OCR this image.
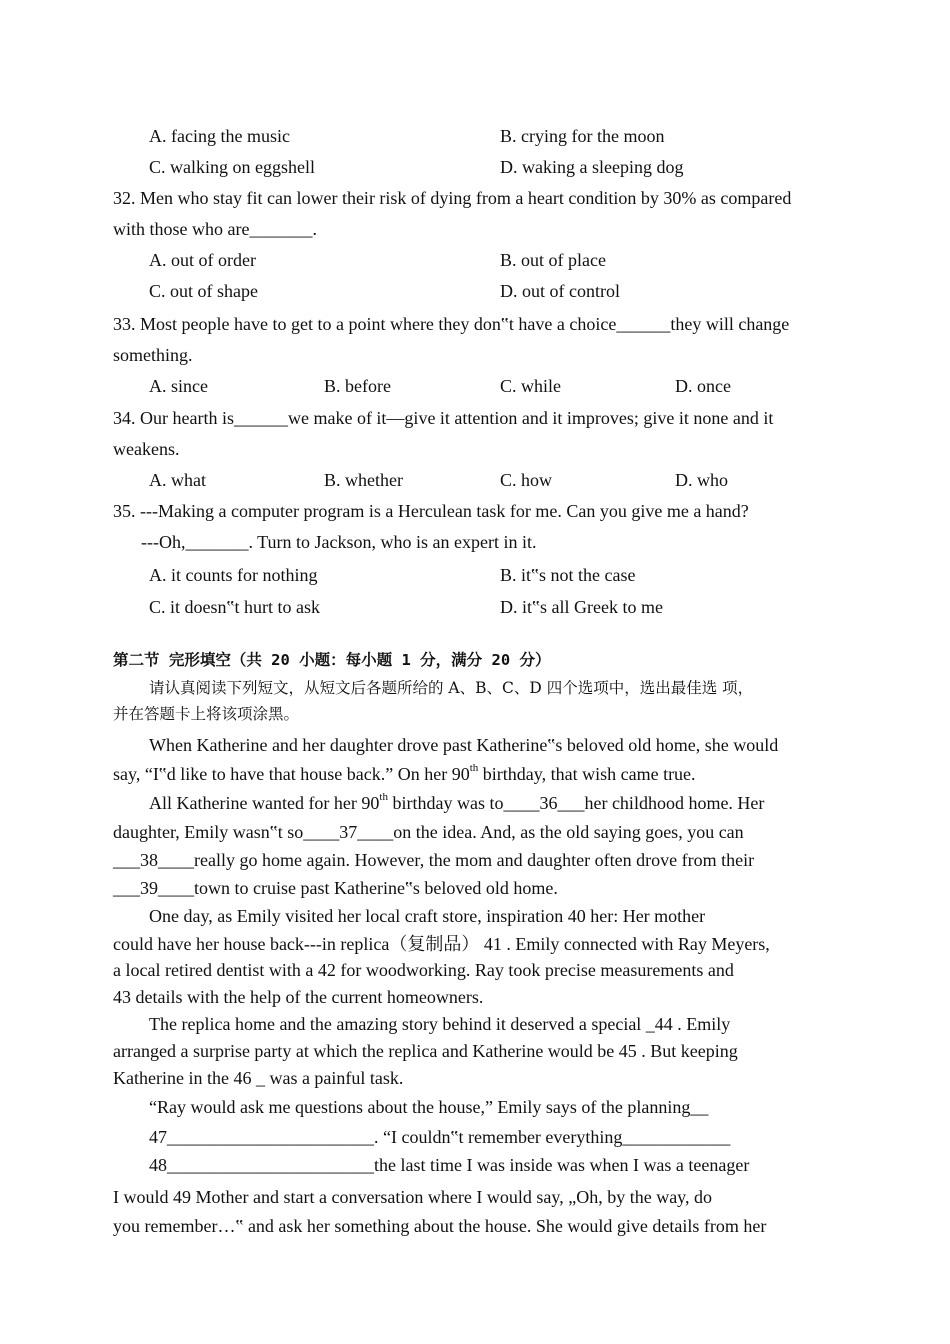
A. facing the music	B. crying for the moon
C. walking on eggshell	D. waking a sleeping dog
32. Men who stay fit can lower their risk of dying from a heart condition by 30% as compared
with those who are_______.
A. out of order	B. out of place
C. out of shape	D. out of control
33. Most people have to get to a point where they don‟t have a choice______they will change
something.
A. since	B. before	C. while	D. once
34. Our hearth is______we make of it—give it attention and it improves; give it none and it
weakens.
A. what	B. whether	C. how	D. who
35. ---Making a computer program is a Herculean task for me. Can you give me a hand?
---Oh,_______. Turn to Jackson, who is an expert in it.
A. it counts for nothing	B. it‟s not the case
C. it doesn‟t hurt to ask	D. it‟s all Greek to me
第二节 完形填空（共 20 小题：每小题 1 分，满分 20 分）
请认真阅读下列短文，从短文后各题所给的 A、B、C、D 四个选项中，选出最佳选 项，
并在答题卡上将该项涂黑。
When Katherine and her daughter drove past Katherine‟s beloved old home, she would
say, “I‟d like to have that house back.” On her 90th birthday, that wish came true.
All Katherine wanted for her 90th birthday was to____36___her childhood home. Her
daughter, Emily wasn‟t so____37____on the idea. And, as the old saying goes, you can
___38____really go home again. However, the mom and daughter often drove from their
___39____town to cruise past Katherine‟s beloved old home.
One day, as Emily visited her local craft store, inspiration 40 her: Her mother
could have her house back---in replica（复制品） 41 . Emily connected with Ray Meyers,
a local retired dentist with a 42 for woodworking. Ray took precise measurements and
43 details with the help of the current homeowners.
The replica home and the amazing story behind it deserved a special _44 . Emily
arranged a surprise party at which the replica and Katherine would be 45 . But keeping
Katherine in the 46 _ was a painful task.
“Ray would ask me questions about the house,” Emily says of the planning__
47_______________________. “I couldn‟t remember everything____________
48_______________________the last time I was inside was when I was a teenager
I would 49 Mother and start a conversation where I would say, „Oh, by the way, do
you remember…‟ and ask her something about the house. She would give details from her
